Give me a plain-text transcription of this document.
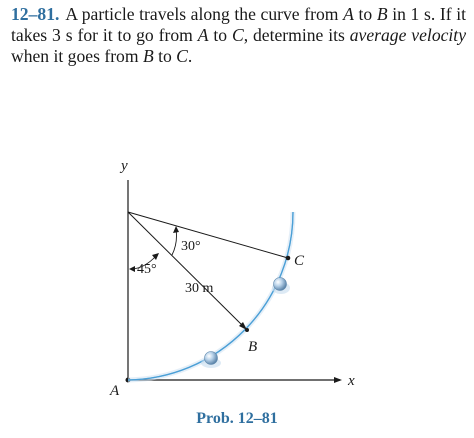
12–81. A particle travels along the curve from A to B in 1 s. If it takes 3 s for it to go from A to C, determine its average velocity when it goes from B to C.
y
x
A
C
B
30 m
30°
45°
Prob. 12–81
